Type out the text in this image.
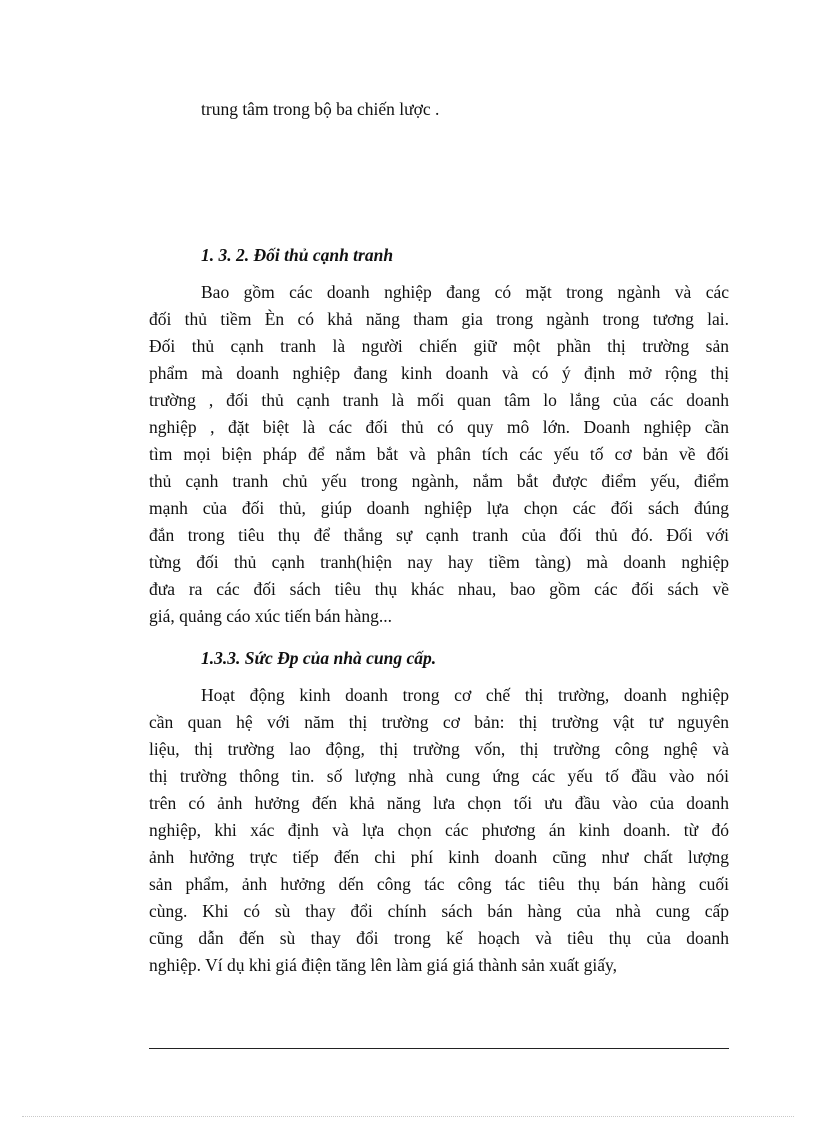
trung tâm trong bộ ba chiến lược .
1. 3. 2. Đối thủ cạnh tranh
Bao gồm các doanh nghiệp đang có mặt trong ngành và các
đối thủ tiềm Èn có khả năng tham gia trong ngành trong tương lai.
Đối thủ cạnh tranh là người chiến giữ một phần thị trường sản
phẩm mà doanh nghiệp đang kinh doanh và có ý định mở rộng thị
trường , đối thủ cạnh tranh là mối quan tâm lo lắng của các doanh
nghiệp , đặt biệt là các đối thủ có quy mô lớn. Doanh nghiệp cần
tìm mọi biện pháp để nắm bắt và phân tích các yếu tố cơ bản về đối
thủ cạnh tranh chủ yếu trong ngành, nắm bắt được điểm yếu, điểm
mạnh của đối thủ, giúp doanh nghiệp lựa chọn các đối sách đúng
đắn trong tiêu thụ để thắng sự cạnh tranh của đối thủ đó. Đối với
từng đối thủ cạnh tranh(hiện nay hay tiềm tàng) mà doanh nghiệp
đưa ra các đối sách tiêu thụ khác nhau, bao gồm các đối sách về
giá, quảng cáo xúc tiến bán hàng...
1.3.3. Sức Ðp của nhà cung cấp.
Hoạt động kinh doanh trong cơ chế thị trường, doanh nghiệp
cần quan hệ với năm thị trường cơ bản: thị trường vật tư nguyên
liệu, thị trường lao động, thị trường vốn, thị trường công nghệ và
thị trường thông tin. số lượng nhà cung ứng các yếu tố đầu vào nói
trên có ảnh hưởng đến khả năng lưa chọn tối ưu đầu vào của doanh
nghiệp, khi xác định và lựa chọn các phương án kinh doanh. từ đó
ảnh hưởng trực tiếp đến chi phí kinh doanh cũng như chất lượng
sản phẩm, ảnh hưởng dến công tác công tác tiêu thụ bán hàng cuối
cùng. Khi có sù thay đổi chính sách bán hàng của nhà cung cấp
cũng dẫn đến sù thay đổi trong kế hoạch và tiêu thụ của doanh
nghiệp. Ví dụ khi giá điện tăng lên làm giá giá thành sản xuất giấy,
